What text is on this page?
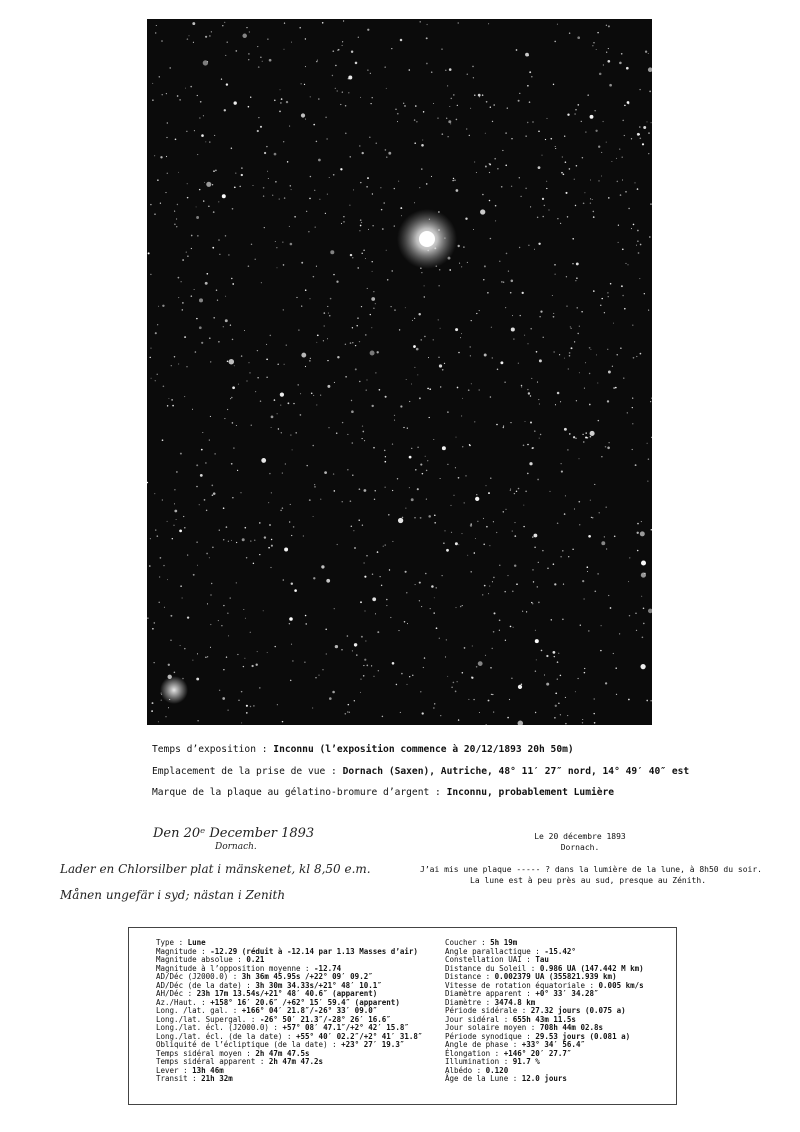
Temps d’exposition : Inconnu (l’exposition commence à 20/12/1893 20h 50m)
Emplacement de la prise de vue : Dornach (Saxen), Autriche, 48° 11′ 27″ nord, 14° 49′ 40″ est
Marque de la plaque au gélatino-bromure d’argent : Inconnu, probablement Lumière
Den 20ᵉ December 1893
Dornach.
Lader en Chlorsilber plat i mänskenet, kl 8,50 e.m.
Månen ungefär i syd; nästan i Zenith
Le 20 décembre 1893
Dornach.
J’ai mis une plaque ----- ? dans la lumière de la lune, à 8h50 du soir.
La lune est à peu près au sud, presque au Zénith.
Type : Lune
Magnitude : -12.29 (réduit à -12.14 par 1.13 Masses d’air)
Magnitude absolue : 0.21
Magnitude à l’opposition moyenne : -12.74
AD/Déc (J2000.0) : 3h 36m 45.95s /+22° 09′ 09.2″
AD/Déc (de la date) : 3h 30m 34.33s/+21° 48′ 10.1″
AH/Déc : 23h 17m 13.54s/+21° 48′ 40.6″ (apparent)
Az./Haut. : +158° 16′ 20.6″ /+62° 15′ 59.4″ (apparent)
Long. /lat. gal. : +166° 04′ 21.8″/-26° 33′ 09.0″
Long./lat. Supergal. : -26° 50′ 21.3″/-28° 26′ 16.6″
Long./lat. écl. (J2000.0) : +57° 08′ 47.1″/+2° 42′ 15.8″
Long./lat. écl. (de la date) : +55° 40′ 02.2″/+2° 41′ 31.8″
Obliquité de l’écliptique (de la date) : +23° 27′ 19.3″
Temps sidéral moyen : 2h 47m 47.5s
Temps sidéral apparent : 2h 47m 47.2s
Lever : 13h 46m
Transit : 21h 32m
Coucher : 5h 19m
Angle parallactique : -15.42°
Constellation UAI : Tau
Distance du Soleil : 0.986 UA (147.442 M km)
Distance : 0.002379 UA (355821.939 km)
Vitesse de rotation équatoriale : 0.005 km/s
Diamètre apparent : +0° 33′ 34.28″
Diamètre : 3474.8 km
Période sidérale : 27.32 jours (0.075 a)
Jour sidéral : 655h 43m 11.5s
Jour solaire moyen : 708h 44m 02.8s
Période synodique : 29.53 jours (0.081 a)
Angle de phase : +33° 34′ 56.4″
Élongation : +146° 20′ 27.7″
Illumination : 91.7 %
Albédo : 0.120
Âge de la Lune : 12.0 jours
